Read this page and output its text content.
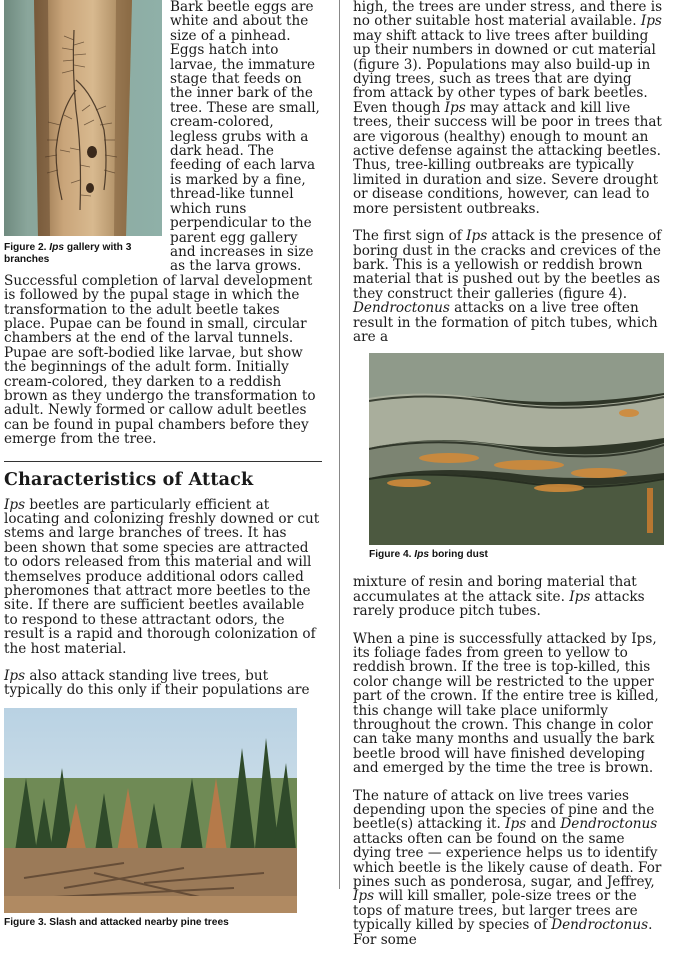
Figure 2. Ips gallery with 3 branches

Bark beetle eggs are white and about the size of a pinhead. Eggs hatch into larvae, the immature stage that feeds on the inner bark of the tree. These are small, cream-colored, legless grubs with a dark head. The feeding of each larva is marked by a fine, thread-like tunnel which runs perpendicular to the parent egg gallery and increases in size as the larva grows. Successful completion of larval development is followed by the pupal stage in which the transformation to the adult beetle takes place. Pupae can be found in small, circular chambers at the end of the larval tunnels. Pupae are soft-bodied like larvae, but show the beginnings of the adult form. Initially cream-colored, they darken to a reddish brown as they undergo the transformation to adult. Newly formed or callow adult beetles can be found in pupal chambers before they emerge from the tree.

Characteristics of Attack

Ips beetles are particularly efficient at locating and colonizing freshly downed or cut stems and large branches of trees. It has been shown that some species are attracted to odors released from this material and will themselves produce additional odors called pheromones that attract more beetles to the site. If there are sufficient beetles available to respond to these attractant odors, the result is a rapid and thorough colonization of the host material.

Ips also attack standing live trees, but typically do this only if their populations are

Figure 3. Slash and attacked nearby pine trees

high, the trees are under stress, and there is no other suitable host material available. Ips may shift attack to live trees after building up their numbers in downed or cut material (figure 3). Populations may also build-up in dying trees, such as trees that are dying from attack by other types of bark beetles. Even though Ips may attack and kill live trees, their success will be poor in trees that are vigorous (healthy) enough to mount an active defense against the attacking beetles. Thus, tree-killing outbreaks are typically limited in duration and size. Severe drought or disease conditions, however, can lead to more persistent outbreaks.

The first sign of Ips attack is the presence of boring dust in the cracks and crevices of the bark. This is a yellowish or reddish brown material that is pushed out by the beetles as they construct their galleries (figure 4). Dendroctonus attacks on a live tree often result in the formation of pitch tubes, which are a

Figure 4. Ips boring dust

mixture of resin and boring material that accumulates at the attack site. Ips attacks rarely produce pitch tubes.

When a pine is successfully attacked by Ips, its foliage fades from green to yellow to reddish brown. If the tree is top-killed, this color change will be restricted to the upper part of the crown. If the entire tree is killed, this change will take place uniformly throughout the crown. This change in color can take many months and usually the bark beetle brood will have finished developing and emerged by the time the tree is brown.

The nature of attack on live trees varies depending upon the species of pine and the beetle(s) attacking it. Ips and Dendroctonus attacks often can be found on the same dying tree — experience helps us to identify which beetle is the likely cause of death. For pines such as ponderosa, sugar, and Jeffrey, Ips will kill smaller, pole-size trees or the tops of mature trees, but larger trees are typically killed by species of Dendroctonus. For some
